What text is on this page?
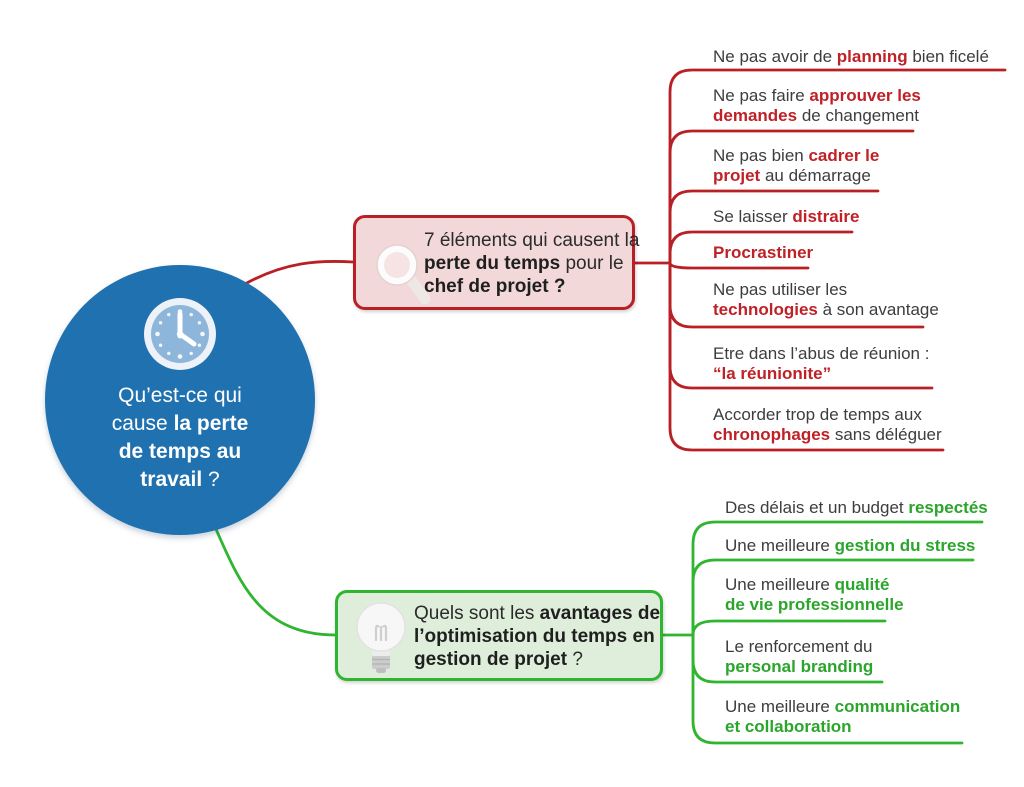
Qu’est-ce qui
cause la perte
de temps au
travail ?
7 éléments qui causent la
perte du temps pour le
chef de projet ?
Quels sont les avantages de
l’optimisation du temps en
gestion de projet ?
Ne pas avoir de planning bien ficelé
Ne pas faire approuver les
demandes de changement
Ne pas bien cadrer le
projet au démarrage
Se laisser distraire
Procrastiner
Ne pas utiliser les
technologies à son avantage
Etre dans l’abus de réunion :
“la réunionite”
Accorder trop de temps aux
chronophages sans déléguer
Des délais et un budget respectés
Une meilleure gestion du stress
Une meilleure qualité
de vie professionnelle
Le renforcement du
personal branding
Une meilleure communication
et collaboration
